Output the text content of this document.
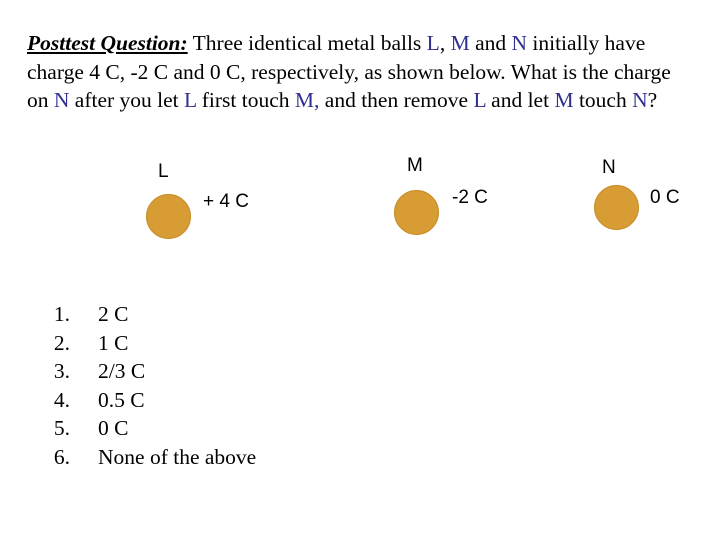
Posttest Question: Three identical metal balls L, M and N initially have charge 4 C, -2 C and 0 C, respectively, as shown below. What is the charge on N after you let L first touch M, and then remove L and let M touch N?
L
+ 4 C
M
-2 C
N
0 C
1. 2 C
2. 1 C
3. 2/3 C
4. 0.5 C
5. 0 C
6. None of the above
